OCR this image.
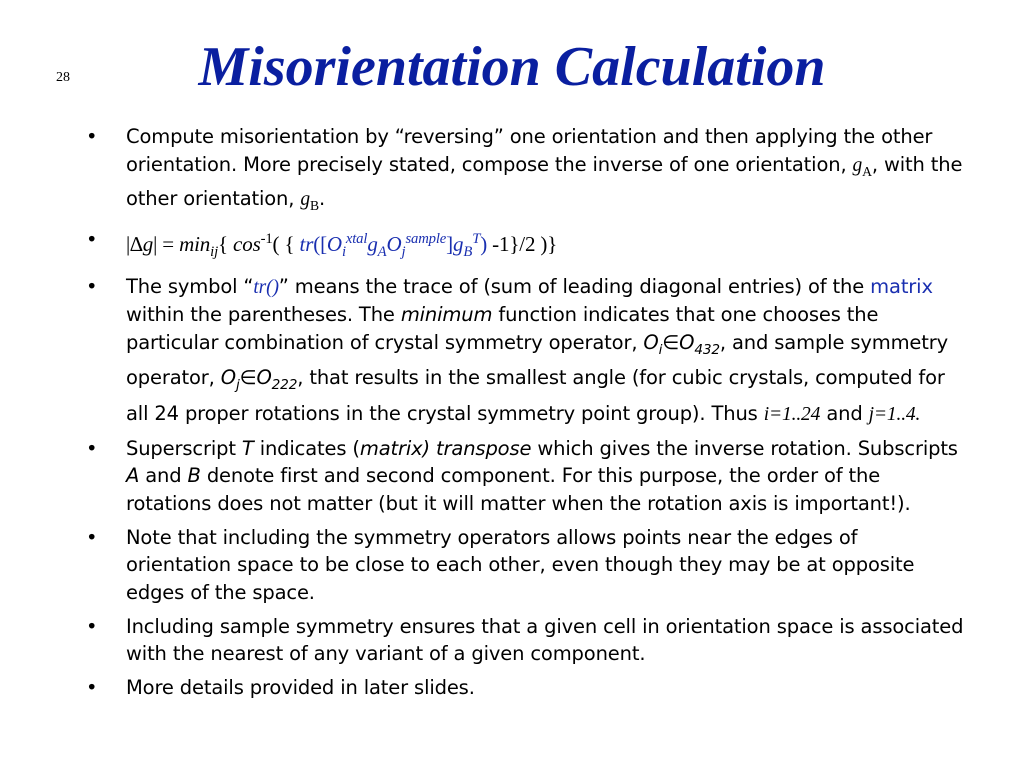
28	Misorientation Calculation
• Compute misorientation by “reversing” one orientation and then applying the other orientation. More precisely stated, compose the inverse of one orientation, $g_A$, with the other orientation, $g_B$.
• $|\Delta g| = \min_{ij}${ $\cos^{-1}$( { $tr([O_i^{xtal}g_AO_j^{sample}]g_B^T)$ -1}/2 )}
• The symbol “tr()” means the trace of (sum of leading diagonal entries) of the matrix within the parentheses. The minimum function indicates that one chooses the particular combination of crystal symmetry operator, $O_i\in O_{432}$, and sample symmetry operator, $O_j\in O_{222}$, that results in the smallest angle (for cubic crystals, computed for all 24 proper rotations in the crystal symmetry point group). Thus i=1..24 and j=1..4.
• Superscript T indicates (matrix) transpose which gives the inverse rotation. Subscripts A and B denote first and second component. For this purpose, the order of the rotations does not matter (but it will matter when the rotation axis is important!).
• Note that including the symmetry operators allows points near the edges of orientation space to be close to each other, even though they may be at opposite edges of the space.
• Including sample symmetry ensures that a given cell in orientation space is associated with the nearest of any variant of a given component.
• More details provided in later slides.
